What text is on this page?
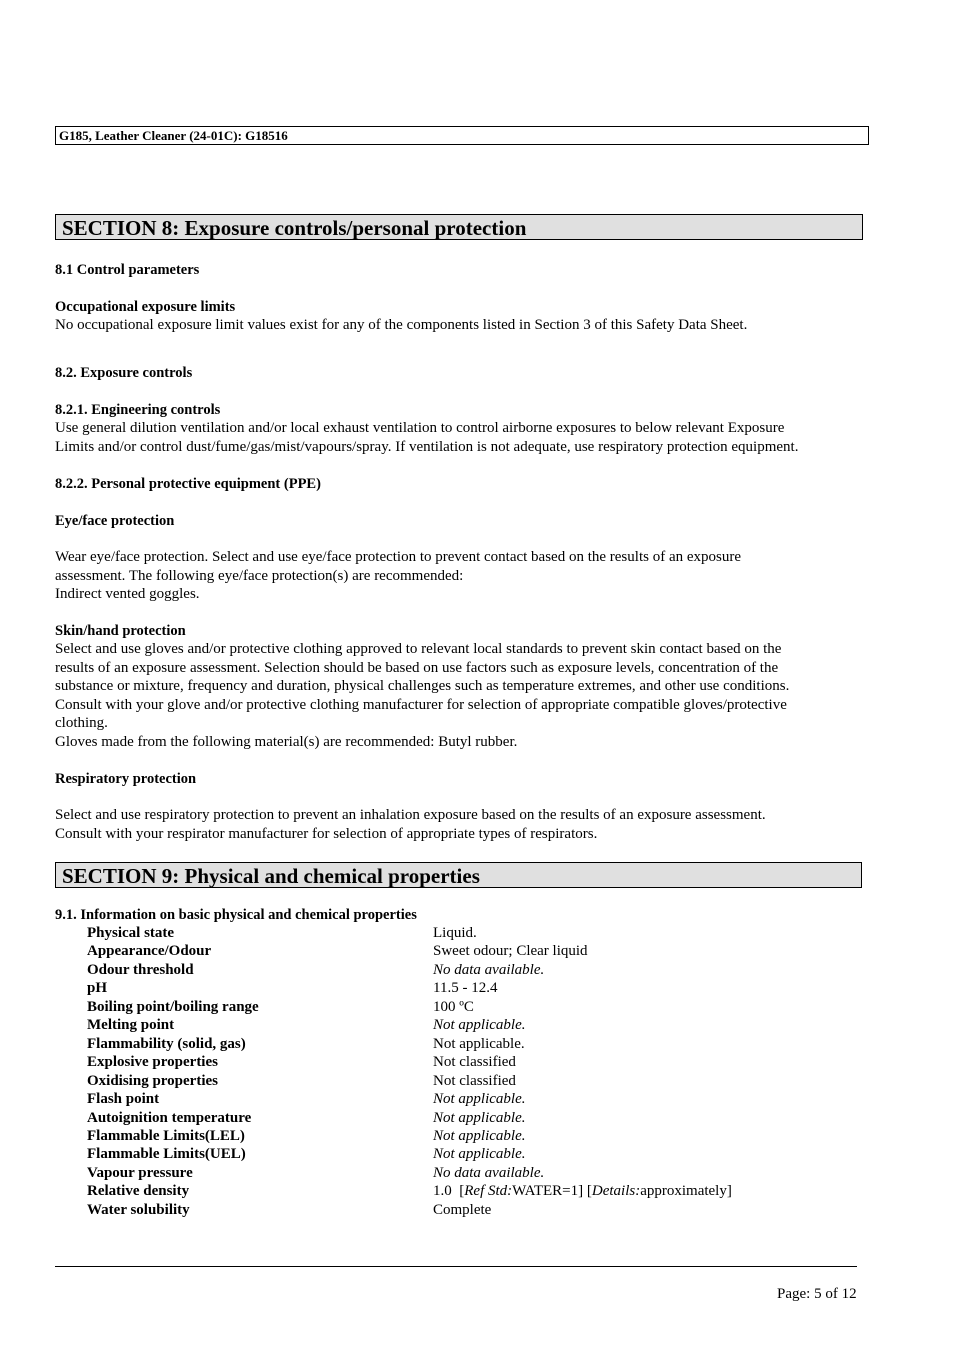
G185, Leather Cleaner (24-01C): G18516
SECTION 8: Exposure controls/personal protection
8.1 Control parameters
Occupational exposure limits
No occupational exposure limit values exist for any of the components listed in Section 3 of this Safety Data Sheet.
8.2. Exposure controls
8.2.1. Engineering controls
Use general dilution ventilation and/or local exhaust ventilation to control airborne exposures to below relevant Exposure
Limits and/or control dust/fume/gas/mist/vapours/spray. If ventilation is not adequate, use respiratory protection equipment.
8.2.2. Personal protective equipment (PPE)
Eye/face protection
Wear eye/face protection. Select and use eye/face protection to prevent contact based on the results of an exposure
assessment. The following eye/face protection(s) are recommended:
Indirect vented goggles.
Skin/hand protection
Select and use gloves and/or protective clothing approved to relevant local standards to prevent skin contact based on the
results of an exposure assessment. Selection should be based on use factors such as exposure levels, concentration of the
substance or mixture, frequency and duration, physical challenges such as temperature extremes, and other use conditions.
Consult with your glove and/or protective clothing manufacturer for selection of appropriate compatible gloves/protective
clothing.
Gloves made from the following material(s) are recommended: Butyl rubber.
Respiratory protection
Select and use respiratory protection to prevent an inhalation exposure based on the results of an exposure assessment.
Consult with your respirator manufacturer for selection of appropriate types of respirators.
SECTION 9: Physical and chemical properties
9.1. Information on basic physical and chemical properties
Physical state	Liquid.
Appearance/Odour	Sweet odour; Clear liquid
Odour threshold	No data available.
pH	11.5 - 12.4
Boiling point/boiling range	100 ºC
Melting point	Not applicable.
Flammability (solid, gas)	Not applicable.
Explosive properties	Not classified
Oxidising properties	Not classified
Flash point	Not applicable.
Autoignition temperature	Not applicable.
Flammable Limits(LEL)	Not applicable.
Flammable Limits(UEL)	Not applicable.
Vapour pressure	No data available.
Relative density	1.0  [Ref Std:WATER=1] [Details:approximately]
Water solubility	Complete
Page: 5 of 12
